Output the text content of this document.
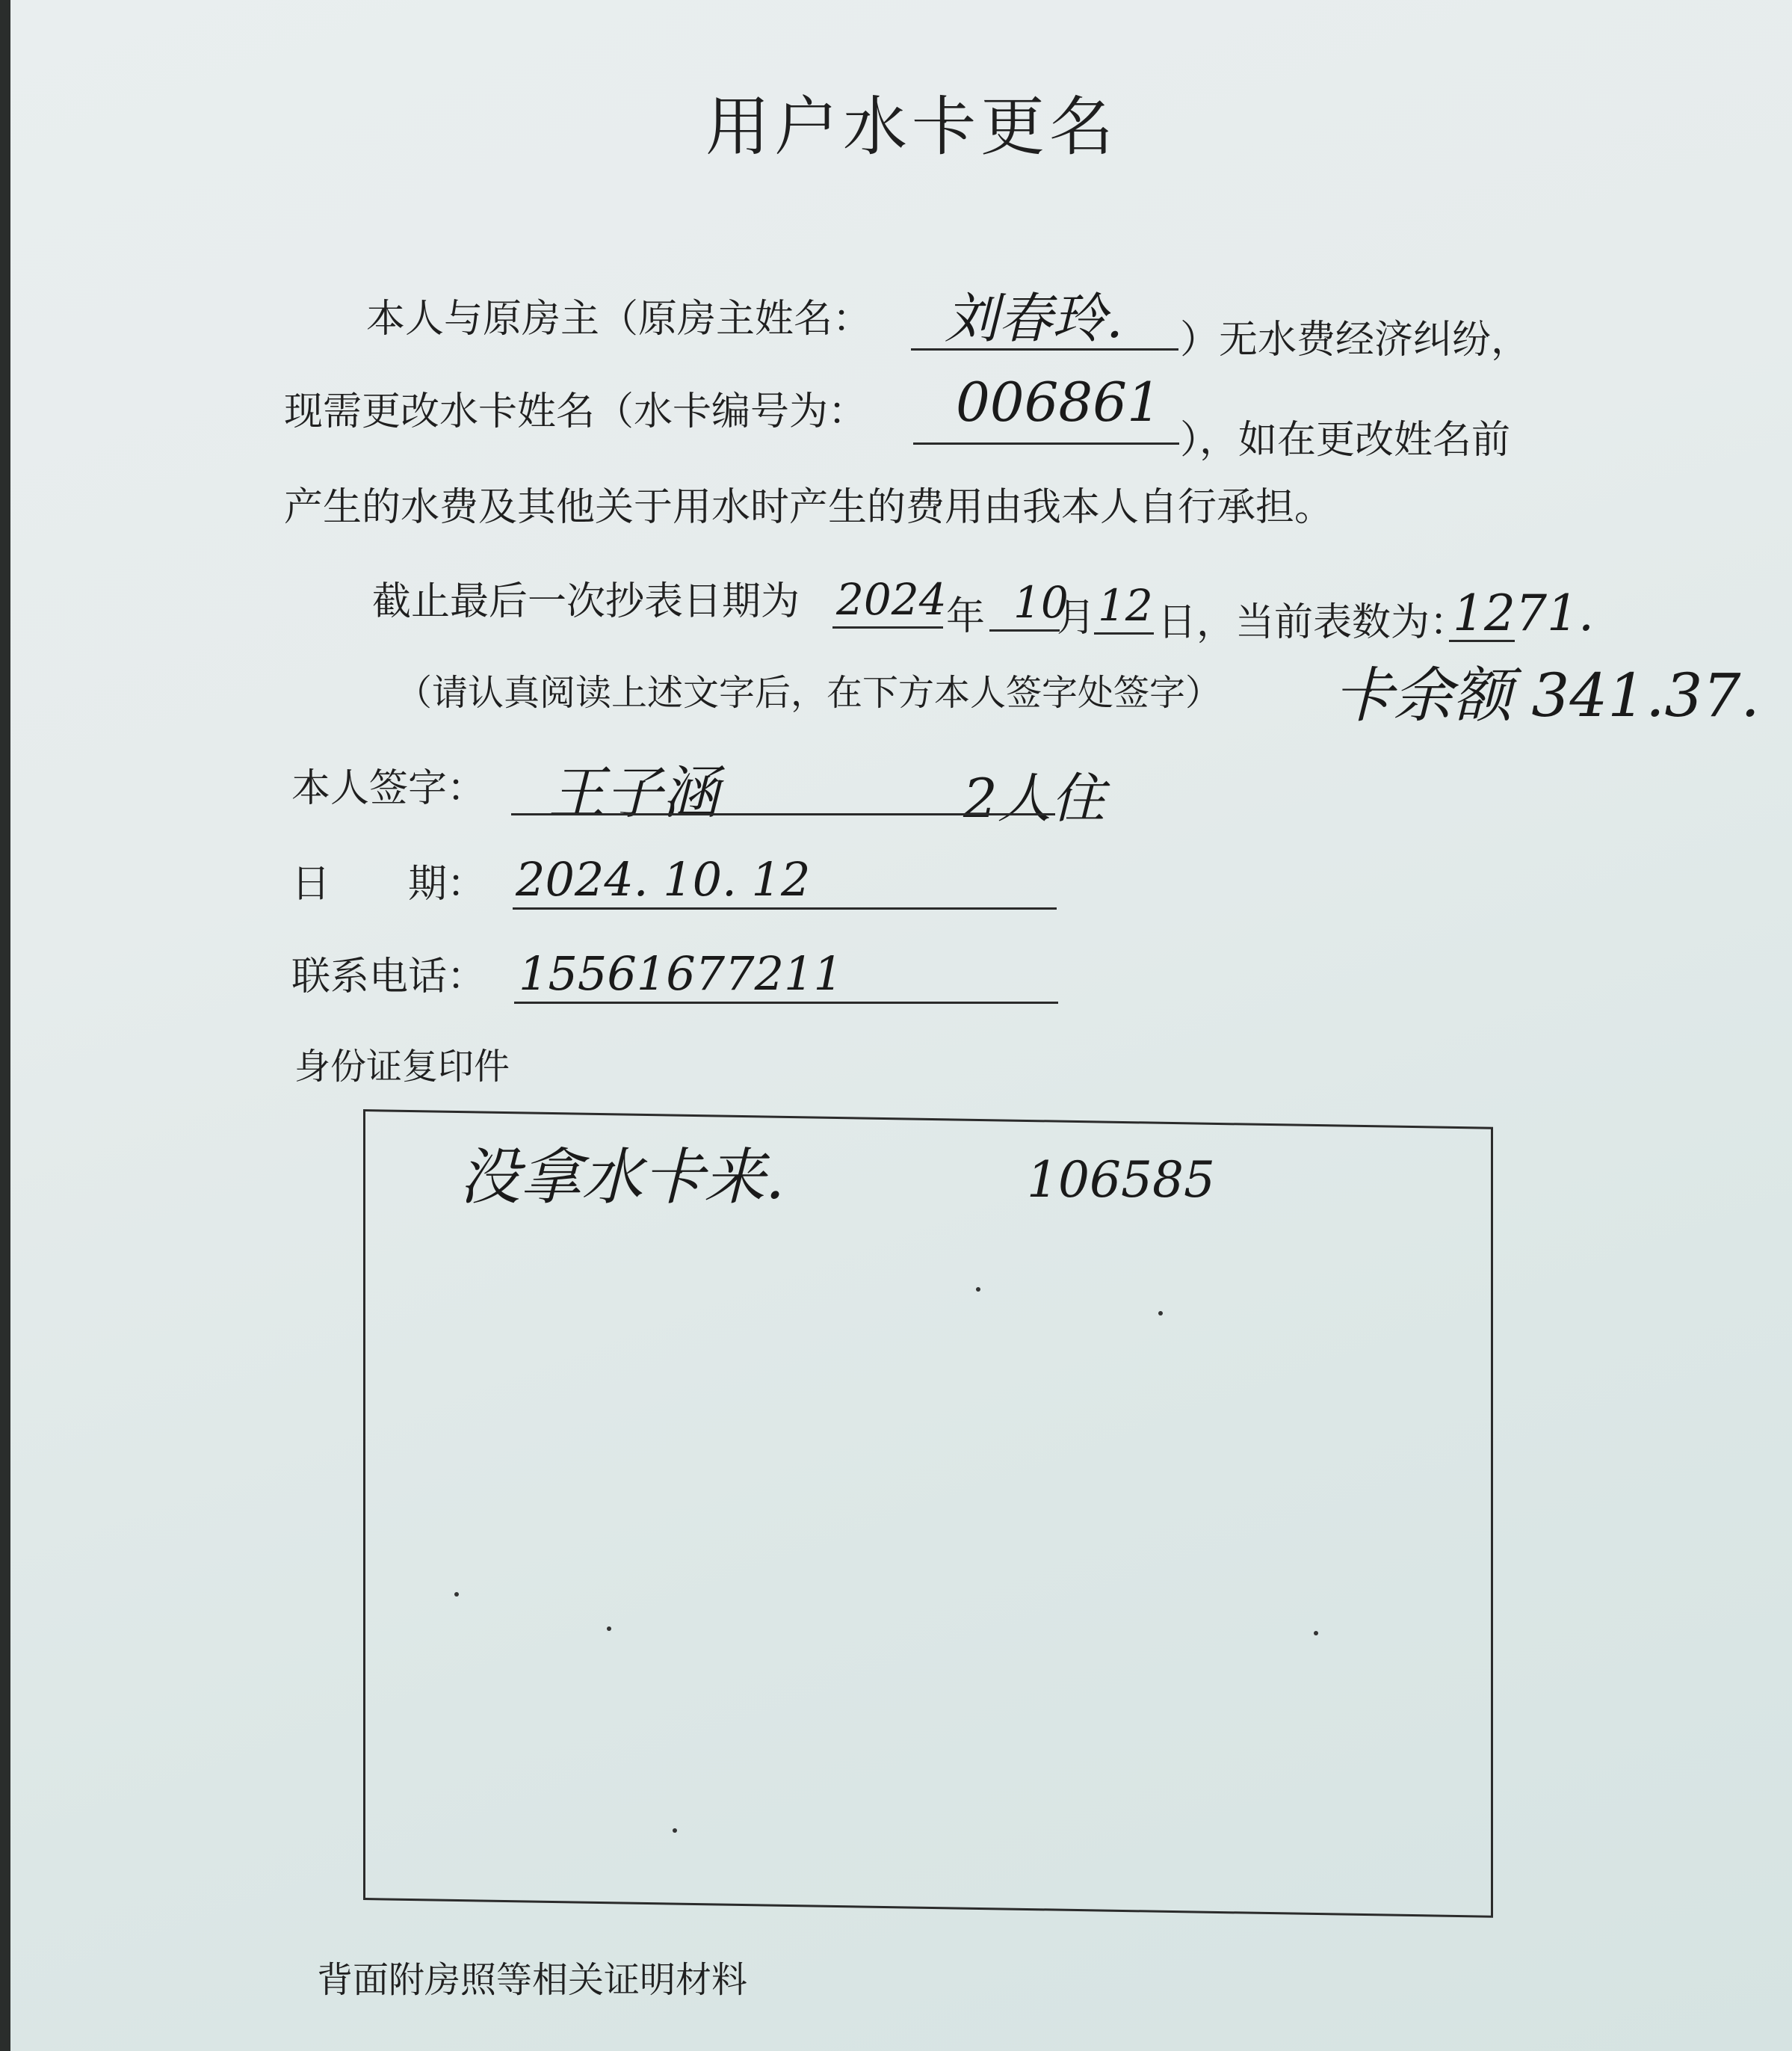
用户水卡更名
本人与原房主（原房主姓名： 刘春玲. ）无水费经济纠纷，
现需更改水卡姓名（水卡编号为： 006861
），如在更改姓名前
产生的水费及其他关于用水时产生的费用由我本人自行承担。
截止最后一次抄表日期为 2024 年 10
月 12 日，当前表数为：
1271.
（请认真阅读上述文字后，在下方本人签字处签字） 卡余额 341.37.
本人签字： 王子涵	2人住
日　　期： 2024. 10. 12
联系电话： 15561677211
身份证复印件
没拿水卡来.	106585
背面附房照等相关证明材料
